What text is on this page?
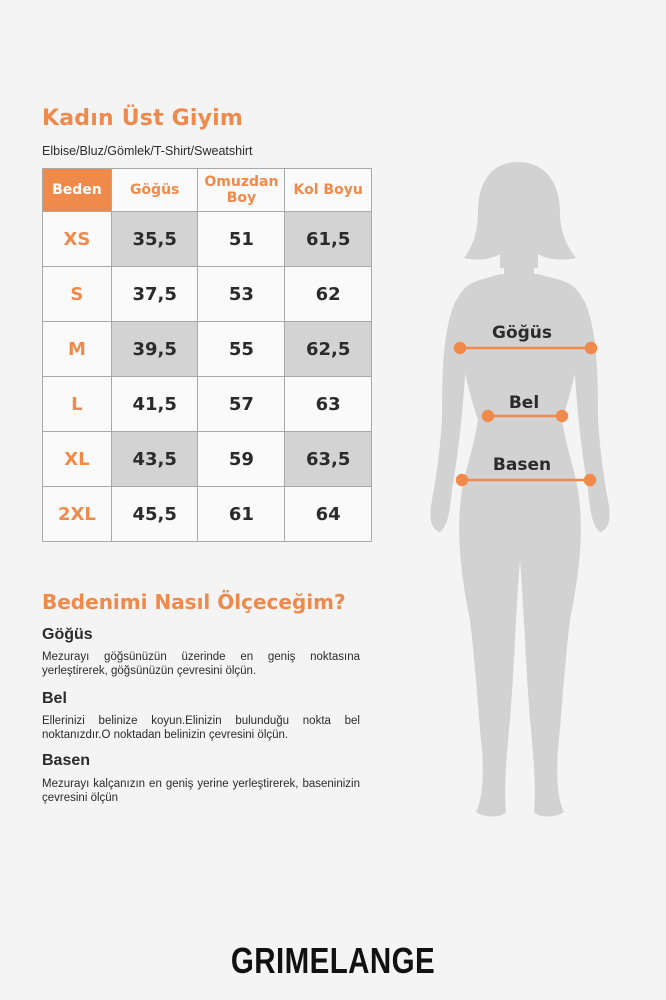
Kadın Üst Giyim
Elbise/Bluz/Gömlek/T-Shirt/Sweatshirt
Beden	Göğüs	Omuzdan Boy	Kol Boyu
XS	35,5	51	61,5
S	37,5	53	62
M	39,5	55	62,5
L	41,5	57	63
XL	43,5	59	63,5
2XL	45,5	61	64
Bedenimi Nasıl Ölçeceğim?
Göğüs
Mezurayı göğsünüzün üzerinde en geniş noktasına yerleştirerek, göğsünüzün çevresini ölçün.
Bel
Ellerinizi belinize koyun.Elinizin bulunduğu nokta bel noktanızdır.O noktadan belinizin çevresini ölçün.
Basen
Mezurayı kalçanızın en geniş yerine yerleştirerek, baseninizin çevresini ölçün
Göğüs
Bel
Basen
GRIMELANGE
